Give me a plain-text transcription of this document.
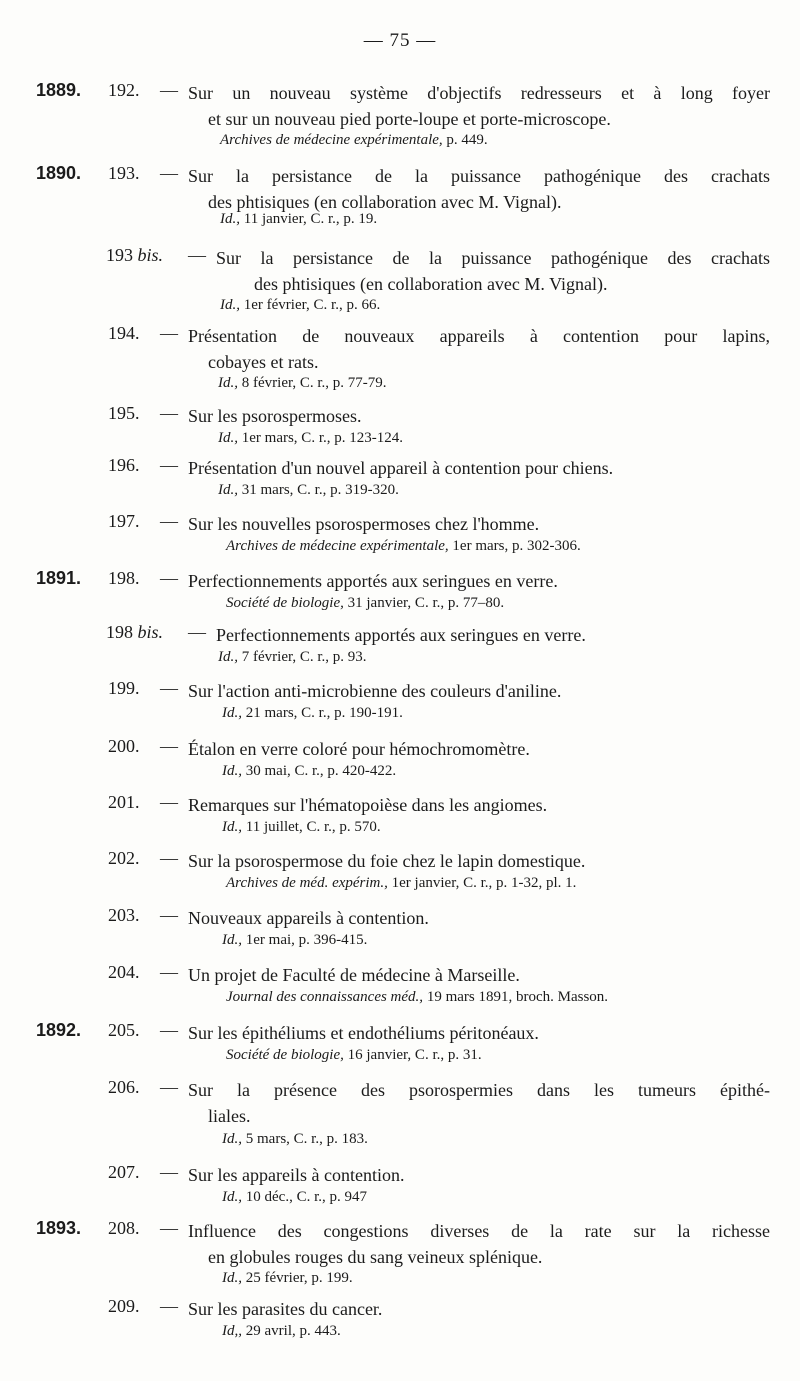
— 75 —
1889. 192. — Sur un nouveau système d'objectifs redresseurs et à long foyer
et sur un nouveau pied porte-loupe et porte-microscope.
Archives de médecine expérimentale, p. 449.
1890. 193. — Sur la persistance de la puissance pathogénique des crachats
des phtisiques (en collaboration avec M. Vignal).
Id., 11 janvier, C. r., p. 19.
193 bis. — Sur la persistance de la puissance pathogénique des crachats
des phtisiques (en collaboration avec M. Vignal).
Id., 1er février, C. r., p. 66.
194. — Présentation de nouveaux appareils à contention pour lapins,
cobayes et rats.
Id., 8 février, C. r., p. 77-79.
195. — Sur les psorospermoses.
Id., 1er mars, C. r., p. 123-124.
196. — Présentation d'un nouvel appareil à contention pour chiens.
Id., 31 mars, C. r., p. 319-320.
197. — Sur les nouvelles psorospermoses chez l'homme.
Archives de médecine expérimentale, 1er mars, p. 302-306.
1891. 198. — Perfectionnements apportés aux seringues en verre.
Société de biologie, 31 janvier, C. r., p. 77–80.
198 bis. — Perfectionnements apportés aux seringues en verre.
Id., 7 février, C. r., p. 93.
199. — Sur l'action anti-microbienne des couleurs d'aniline.
Id., 21 mars, C. r., p. 190-191.
200. — Étalon en verre coloré pour hémochromomètre.
Id., 30 mai, C. r., p. 420-422.
201. — Remarques sur l'hématopoièse dans les angiomes.
Id., 11 juillet, C. r., p. 570.
202. — Sur la psorospermose du foie chez le lapin domestique.
Archives de méd. expérim., 1er janvier, C. r., p. 1-32, pl. 1.
203. — Nouveaux appareils à contention.
Id., 1er mai, p. 396-415.
204. — Un projet de Faculté de médecine à Marseille.
Journal des connaissances méd., 19 mars 1891, broch. Masson.
1892. 205. — Sur les épithéliums et endothéliums péritonéaux.
Société de biologie, 16 janvier, C. r., p. 31.
206. — Sur la présence des psorospermies dans les tumeurs épithé-
liales.
Id., 5 mars, C. r., p. 183.
207. — Sur les appareils à contention.
Id., 10 déc., C. r., p. 947
1893. 208. — Influence des congestions diverses de la rate sur la richesse
en globules rouges du sang veineux splénique.
Id., 25 février, p. 199.
209. — Sur les parasites du cancer.
Id,, 29 avril, p. 443.
